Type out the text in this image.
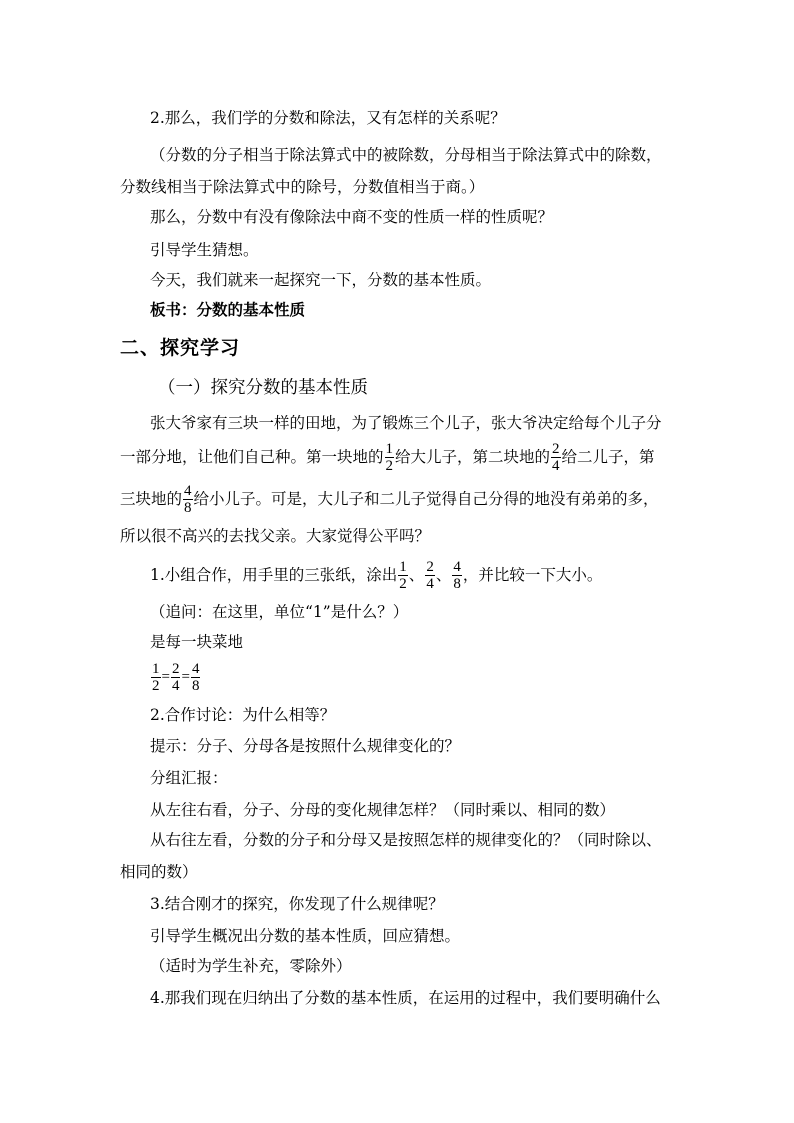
2.那么，我们学的分数和除法，又有怎样的关系呢？
（分数的分子相当于除法算式中的被除数，分母相当于除法算式中的除数，
分数线相当于除法算式中的除号，分数值相当于商。）
那么，分数中有没有像除法中商不变的性质一样的性质呢？
引导学生猜想。
今天，我们就来一起探究一下，分数的基本性质。
板书：分数的基本性质
二、探究学习
（一）探究分数的基本性质
张大爷家有三块一样的田地，为了锻炼三个儿子，张大爷决定给每个儿子分
一部分地，让他们自己种。第一块地的 $\frac{1}{2}$ 给大儿子，第二块地的 $\frac{2}{4}$ 给二儿子，第
三块地的 $\frac{4}{8}$ 给小儿子。可是，大儿子和二儿子觉得自己分得的地没有弟弟的多，
所以很不高兴的去找父亲。大家觉得公平吗？
1.小组合作，用手里的三张纸，涂出 $\frac{1}{2}$ 、 $\frac{2}{4}$ 、 $\frac{4}{8}$ ，并比较一下大小。
（追问：在这里，单位“1”是什么？）
是每一块菜地
$\frac{1}{2} = \frac{2}{4} = \frac{4}{8}$
2.合作讨论：为什么相等？
提示：分子、分母各是按照什么规律变化的？
分组汇报：
从左往右看，分子、分母的变化规律怎样？（同时乘以、相同的数）
从右往左看，分数的分子和分母又是按照怎样的规律变化的？（同时除以、
相同的数）
3.结合刚才的探究，你发现了什么规律呢？
引导学生概况出分数的基本性质，回应猜想。
（适时为学生补充，零除外）
4.那我们现在归纳出了分数的基本性质，在运用的过程中，我们要明确什么
